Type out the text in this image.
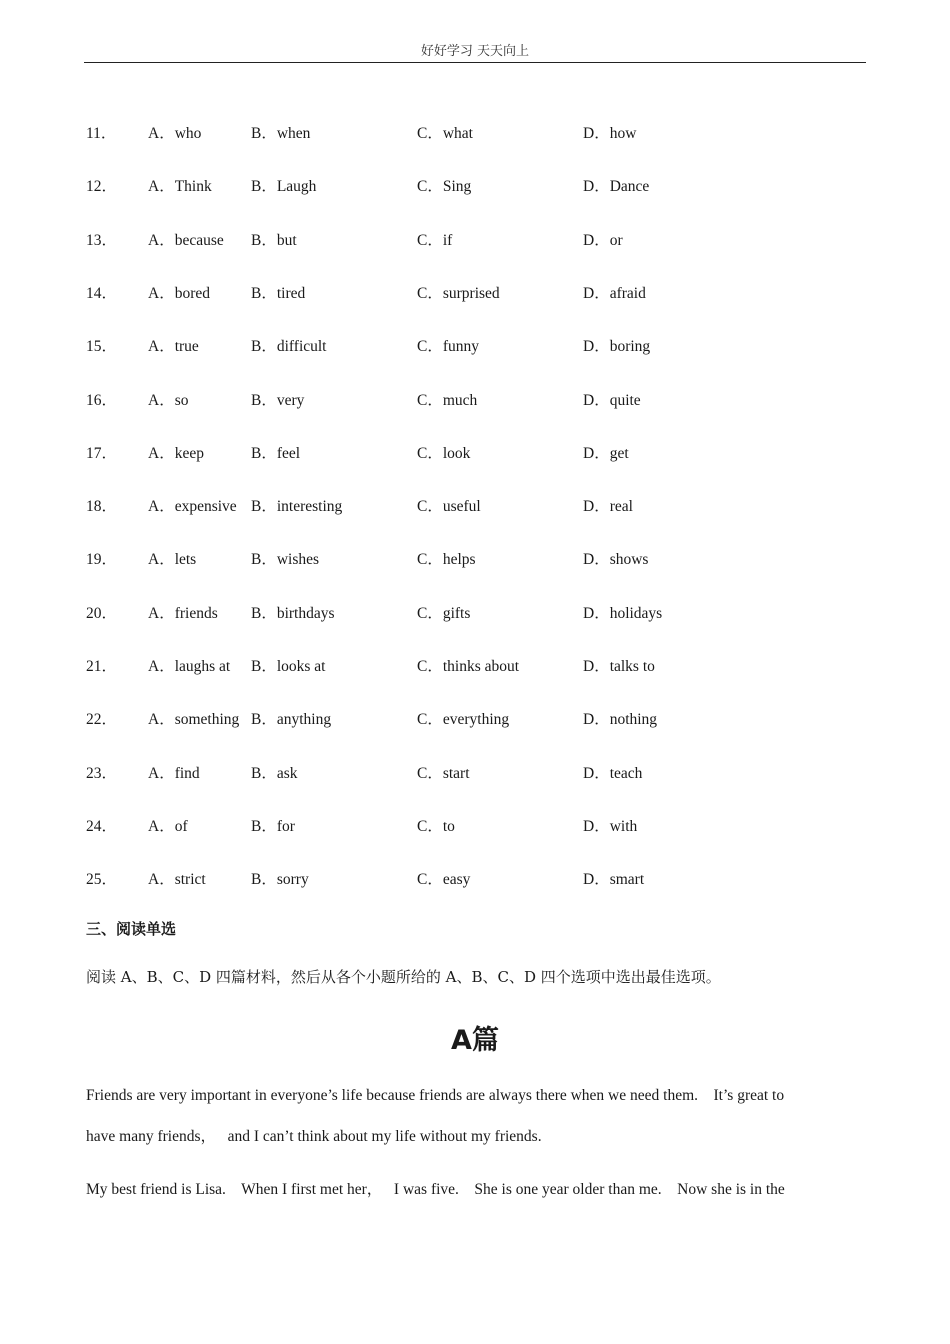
好好学习 天天向上
11． A．who	B．when	C．what	D．how
12． A．Think	B．Laugh	C．Sing	D．Dance
13． A．because B．but	C．if	D．or
14． A．bored	B．tired	C．surprised	D．afraid
15． A．true	B．difficult	C．funny	D．boring
16． A．so	B．very	C．much	D．quite
17． A．keep	B．feel	C．look	D．get
18． A．expensive B．interesting	C．useful	D．real
19． A．lets	B．wishes	C．helps	D．shows
20． A．friends B．birthdays	C．gifts	D．holidays
21． A．laughs at B．looks at	C．thinks about	D．talks to
22． A．something B．anything	C．everything	D．nothing
23． A．find	B．ask	C．start	D．teach
24． A．of	B．for	C．to	D．with
25． A．strict	B．sorry	C．easy	D．smart
三、阅读单选
阅读 A、B、C、D 四篇材料，然后从各个小题所给的 A、B、C、D 四个选项中选出最佳选项。
A篇
Friends are very important in everyone’s life because friends are always there when we need them.    It’s great to
have many friends，   and I can’t think about my life without my friends.
My best friend is Lisa.    When I first met her，   I was five.    She is one year older than me.    Now she is in the
